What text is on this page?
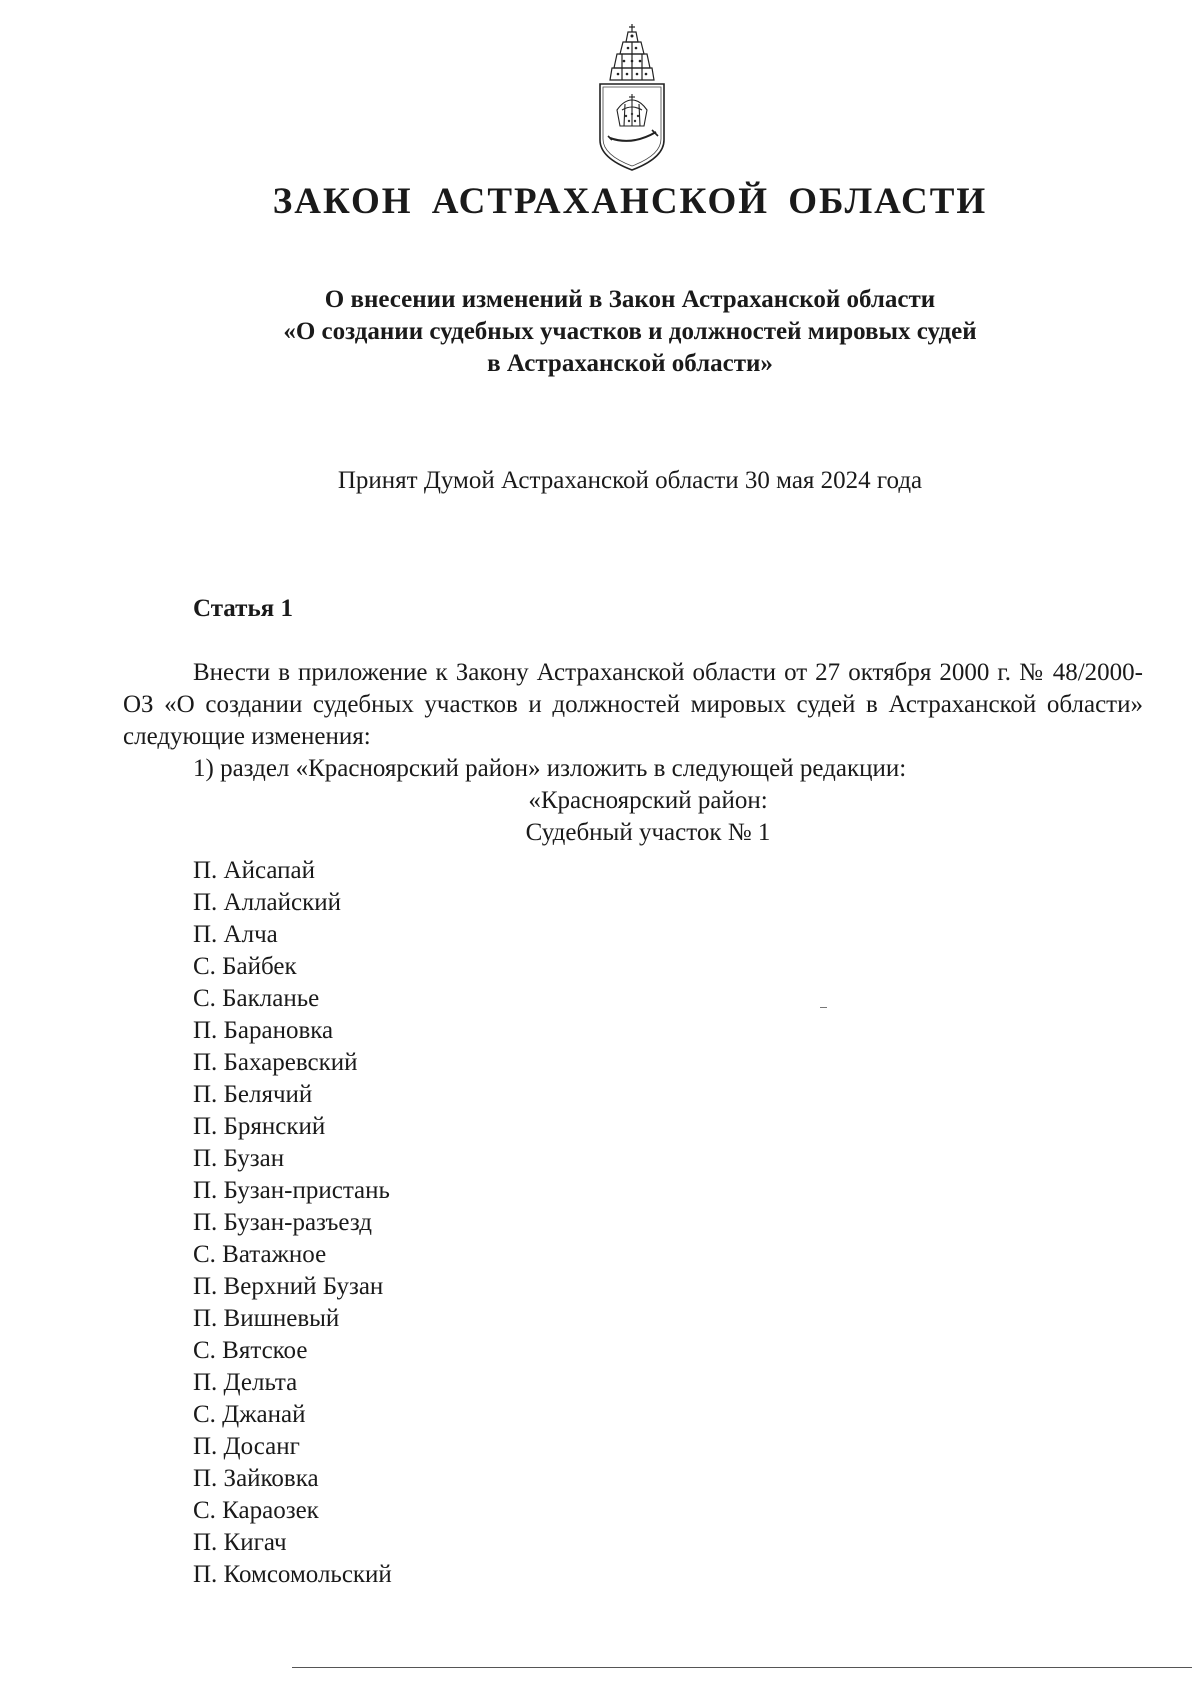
ЗАКОН АСТРАХАНСКОЙ ОБЛАСТИ
О внесении изменений в Закон Астраханской области
«О создании судебных участков и должностей мировых судей
в Астраханской области»
Принят Думой Астраханской области 30 мая 2024 года
Статья 1

Внести в приложение к Закону Астраханской области от 27 октября 2000 г. № 48/2000-ОЗ «О создании судебных участков и должностей мировых судей в Астраханской области» следующие изменения:

1) раздел «Красноярский район» изложить в следующей редакции:

«Красноярский район:

Судебный участок № 1

П. Айсапай
П. Аллайский
П. Алча
С. Байбек
С. Бакланье
П. Барановка
П. Бахаревский
П. Белячий
П. Брянский
П. Бузан
П. Бузан-пристань
П. Бузан-разъезд
С. Ватажное
П. Верхний Бузан
П. Вишневый
С. Вятское
П. Дельта
С. Джанай
П. Досанг
П. Зайковка
С. Караозек
П. Кигач
П. Комсомольский
